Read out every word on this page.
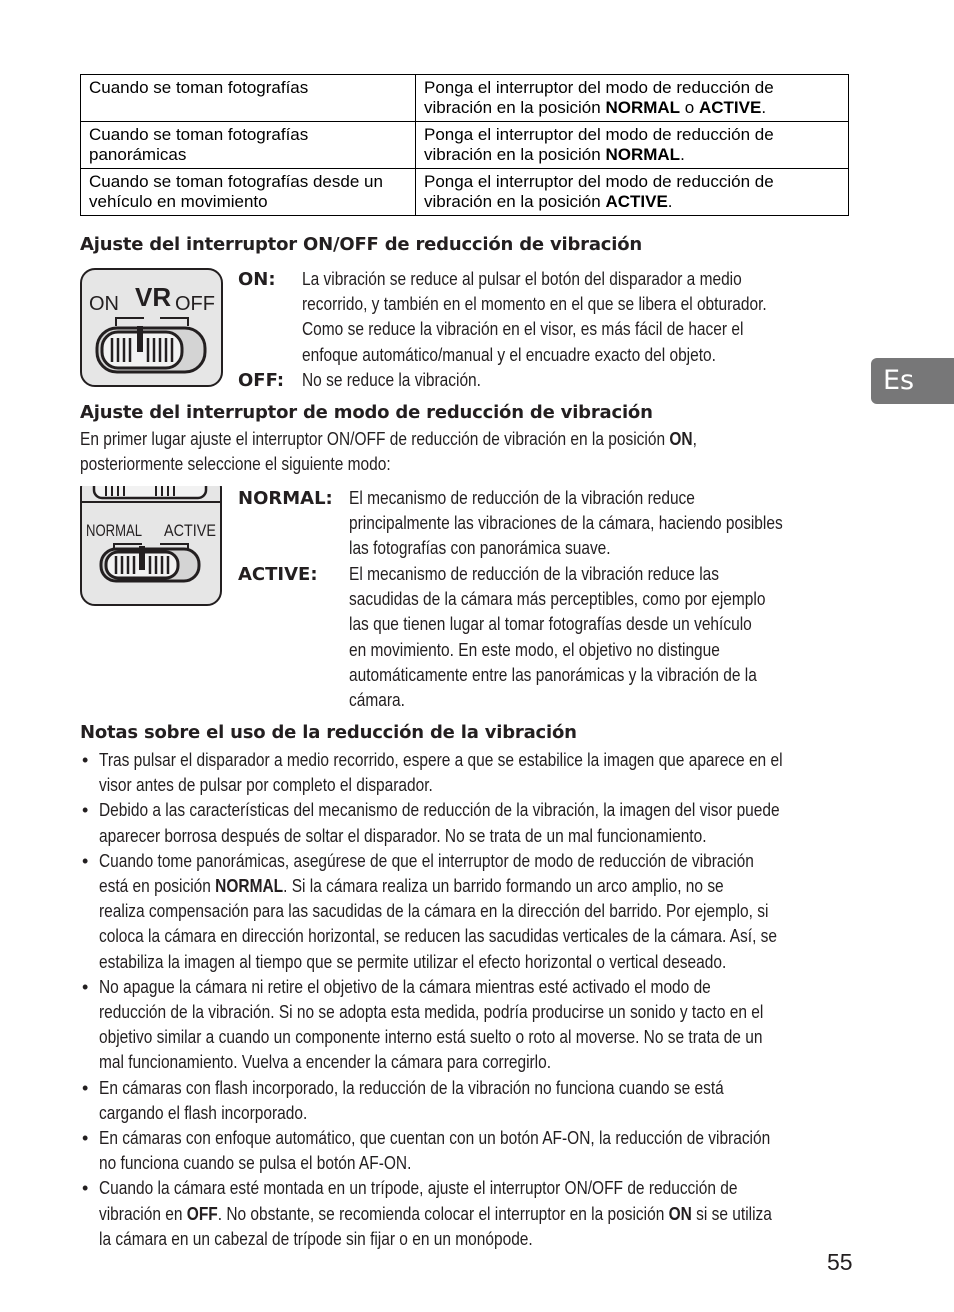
Cuando se toman fotografías	Ponga el interruptor del modo de reducción de vibración en la posición NORMAL o ACTIVE.
Cuando se toman fotografías panorámicas	Ponga el interruptor del modo de reducción de vibración en la posición NORMAL.
Cuando se toman fotografías desde un vehículo en movimiento	Ponga el interruptor del modo de reducción de vibración en la posición ACTIVE.
Ajuste del interruptor ON/OFF de reducción de vibración
ON VR OFF
ON: La vibración se reduce al pulsar el botón del disparador a medio
recorrido, y también en el momento en el que se libera el obturador.
Como se reduce la vibración en el visor, es más fácil de hacer el
enfoque automático/manual y el encuadre exacto del objeto.
OFF: No se reduce la vibración.
Ajuste del interruptor de modo de reducción de vibración
En primer lugar ajuste el interruptor ON/OFF de reducción de vibración en la posición ON,
posteriormente seleccione el siguiente modo:
NORMAL ACTIVE
NORMAL: El mecanismo de reducción de la vibración reduce
principalmente las vibraciones de la cámara, haciendo posibles
las fotografías con panorámica suave.
ACTIVE: El mecanismo de reducción de la vibración reduce las
sacudidas de la cámara más perceptibles, como por ejemplo
las que tienen lugar al tomar fotografías desde un vehículo
en movimiento. En este modo, el objetivo no distingue
automáticamente entre las panorámicas y la vibración de la
cámara.
Notas sobre el uso de la reducción de la vibración
• Tras pulsar el disparador a medio recorrido, espere a que se estabilice la imagen que aparece en el
visor antes de pulsar por completo el disparador.
• Debido a las características del mecanismo de reducción de la vibración, la imagen del visor puede
aparecer borrosa después de soltar el disparador. No se trata de un mal funcionamiento.
• Cuando tome panorámicas, asegúrese de que el interruptor de modo de reducción de vibración
está en posición NORMAL. Si la cámara realiza un barrido formando un arco amplio, no se
realiza compensación para las sacudidas de la cámara en la dirección del barrido. Por ejemplo, si
coloca la cámara en dirección horizontal, se reducen las sacudidas verticales de la cámara. Así, se
estabiliza la imagen al tiempo que se permite utilizar el efecto horizontal o vertical deseado.
• No apague la cámara ni retire el objetivo de la cámara mientras esté activado el modo de
reducción de la vibración. Si no se adopta esta medida, podría producirse un sonido y tacto en el
objetivo similar a cuando un componente interno está suelto o roto al moverse. No se trata de un
mal funcionamiento. Vuelva a encender la cámara para corregirlo.
• En cámaras con flash incorporado, la reducción de la vibración no funciona cuando se está
cargando el flash incorporado.
• En cámaras con enfoque automático, que cuentan con un botón AF-ON, la reducción de vibración
no funciona cuando se pulsa el botón AF-ON.
• Cuando la cámara esté montada en un trípode, ajuste el interruptor ON/OFF de reducción de
vibración en OFF. No obstante, se recomienda colocar el interruptor en la posición ON si se utiliza
la cámara en un cabezal de trípode sin fijar o en un monópode.
Es
55
